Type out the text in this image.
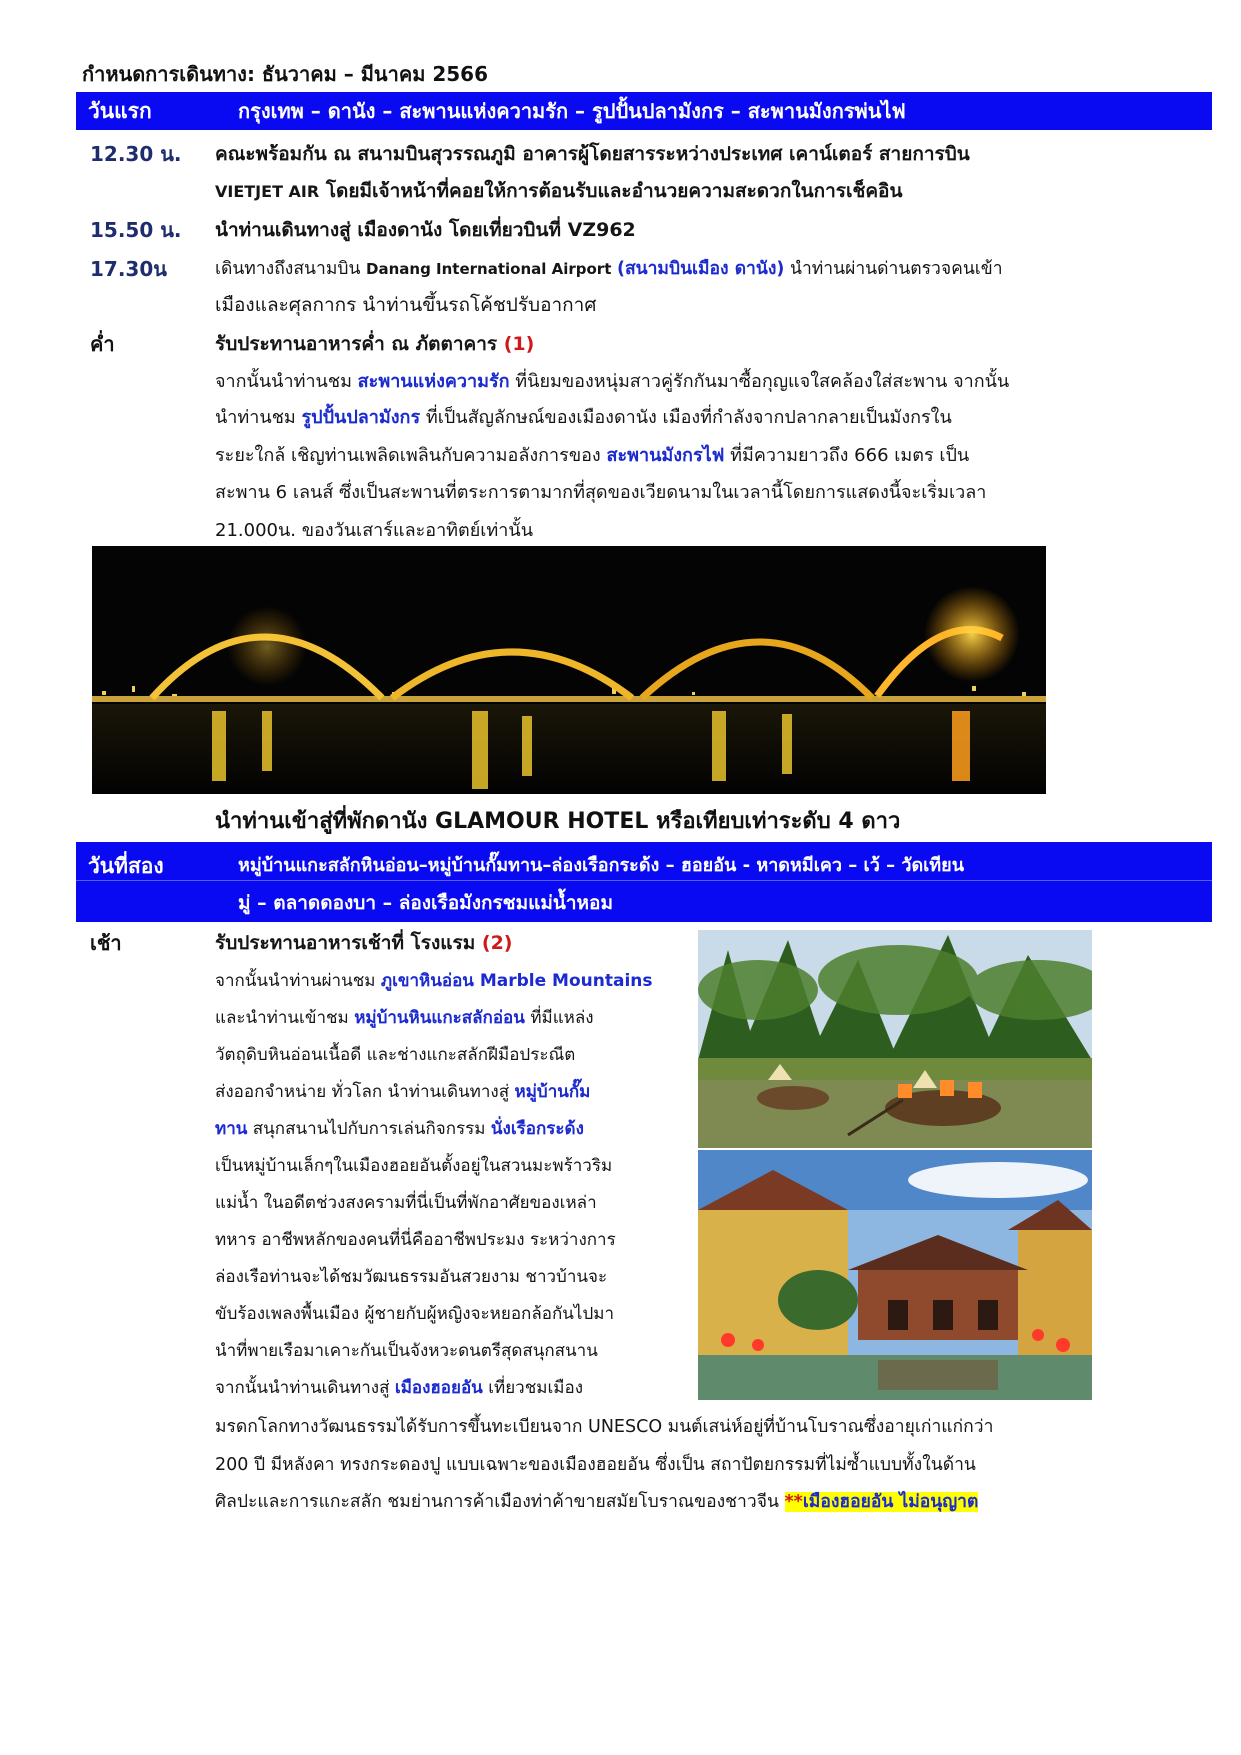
กำหนดการเดินทาง: ธันวาคม – มีนาคม 2566
วันแรก	กรุงเทพ – ดานัง – สะพานแห่งความรัก – รูปปั้นปลามังกร – สะพานมังกรพ่นไฟ
12.30 น. คณะพร้อมกัน ณ สนามบินสุวรรณภูมิ อาคารผู้โดยสารระหว่างประเทศ เคาน์เตอร์ สายการบิน
VIETJET AIR โดยมีเจ้าหน้าที่คอยให้การต้อนรับและอำนวยความสะดวกในการเช็คอิน
15.50 น. นำท่านเดินทางสู่ เมืองดานัง โดยเที่ยวบินที่ VZ962
17.30น	เดินทางถึงสนามบิน Danang International Airport (สนามบินเมือง ดานัง) นำท่านผ่านด่านตรวจคนเข้า
เมืองและศุลกากร นำท่านขึ้นรถโค้ชปรับอากาศ
ค่ำ	รับประทานอาหารค่ำ ณ ภัตตาคาร (1)
จากนั้นนำท่านชม สะพานแห่งความรัก ที่นิยมของหนุ่มสาวคู่รักกันมาซื้อกุญแจใสคล้องใส่สะพาน จากนั้น
นำท่านชม รูปปั้นปลามังกร ที่เป็นสัญลักษณ์ของเมืองดานัง เมืองที่กำลังจากปลากลายเป็นมังกรใน
ระยะใกล้ เชิญท่านเพลิดเพลินกับความอลังการของ สะพานมังกรไฟ ที่มีความยาวถึง 666 เมตร เป็น
สะพาน 6 เลนส์ ซึ่งเป็นสะพานที่ตระการตามากที่สุดของเวียดนามในเวลานี้โดยการแสดงนี้จะเริ่มเวลา
21.000น. ของวันเสาร์และอาทิตย์เท่านั้น
นำท่านเข้าสู่ที่พักดานัง GLAMOUR HOTEL หรือเทียบเท่าระดับ 4 ดาว
วันที่สอง	หมู่บ้านแกะสลักหินอ่อน–หมู่บ้านกั๊มทาน–ล่องเรือกระด้ง – ฮอยอัน - หาดหมีเคว – เว้ – วัดเทียน
มู่ – ตลาดดองบา – ล่องเรือมังกรชมแม่น้ำหอม
เช้า	รับประทานอาหารเช้าที่ โรงแรม (2)
จากนั้นนำท่านผ่านชม ภูเขาหินอ่อน Marble Mountains
และนำท่านเข้าชม หมู่บ้านหินแกะสลักอ่อน ที่มีแหล่ง
วัตถุดิบหินอ่อนเนื้อดี และช่างแกะสลักฝีมือประณีต
ส่งออกจำหน่าย ทั่วโลก นำท่านเดินทางสู่ หมู่บ้านกั๊ม
ทาน สนุกสนานไปกับการเล่นกิจกรรม นั่งเรือกระด้ง
เป็นหมู่บ้านเล็กๆในเมืองฮอยอันตั้งอยู่ในสวนมะพร้าวริม
แม่น้ำ ในอดีตช่วงสงครามที่นี่เป็นที่พักอาศัยของเหล่า
ทหาร อาชีพหลักของคนที่นี่คืออาชีพประมง ระหว่างการ
ล่องเรือท่านจะได้ชมวัฒนธรรมอันสวยงาม ชาวบ้านจะ
ขับร้องเพลงพื้นเมือง ผู้ชายกับผู้หญิงจะหยอกล้อกันไปมา
นำที่พายเรือมาเคาะกันเป็นจังหวะดนตรีสุดสนุกสนาน
จากนั้นนำท่านเดินทางสู่ เมืองฮอยอัน เที่ยวชมเมือง
มรดกโลกทางวัฒนธรรมได้รับการขึ้นทะเบียนจาก UNESCO มนต์เสน่ห์อยู่ที่บ้านโบราณซึ่งอายุเก่าแก่กว่า
200 ปี มีหลังคา ทรงกระดองปู แบบเฉพาะของเมืองฮอยอัน ซึ่งเป็น สถาปัตยกรรมที่ไม่ซ้ำแบบทั้งในด้าน
ศิลปะและการแกะสลัก ชมย่านการค้าเมืองท่าค้าขายสมัยโบราณของชาวจีน **เมืองฮอยอัน ไม่อนุญาต
